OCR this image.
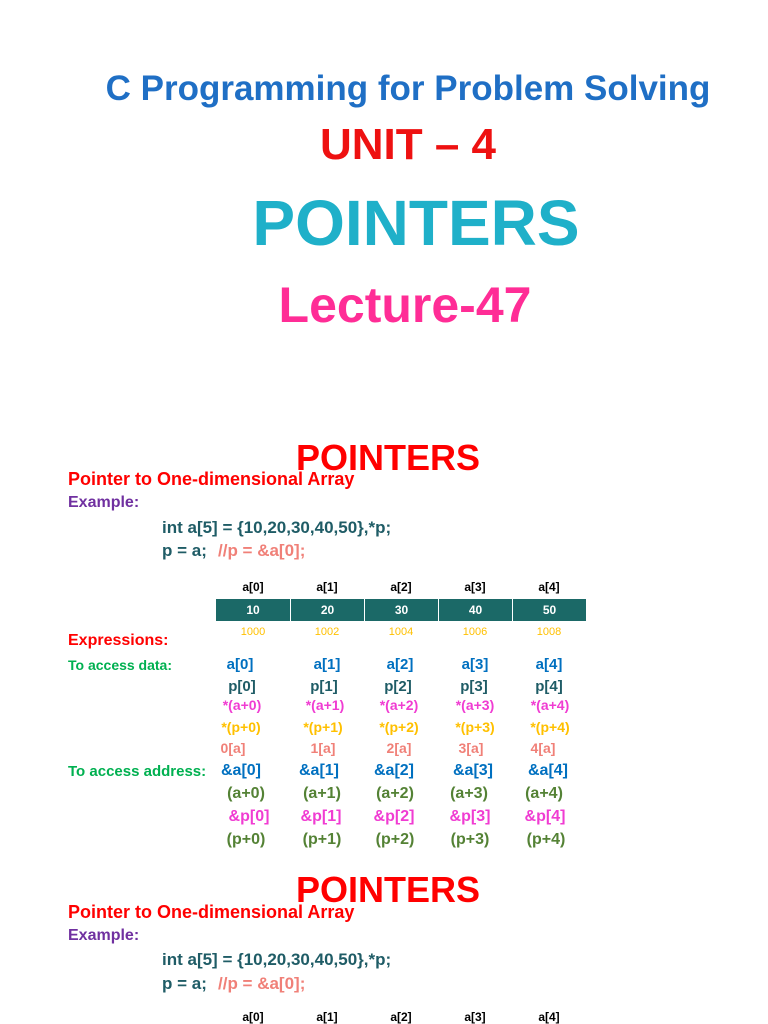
C Programming for Problem Solving
UNIT – 4
POINTERS
Lecture-47
POINTERS
Pointer to One-dimensional Array
Example:
int a[5] = {10,20,30,40,50},*p;
p = a; //p = &a[0];
a[0]	a[1]	a[2]	a[3]	a[4]
10	20	30	40	50
1000	1002	1004	1006	1008
Expressions:
To access data:	a[0]	a[1]	a[2]	a[3]	a[4]
p[0]	p[1]	p[2]	p[3]	p[4]
*(a+0)	*(a+1)	*(a+2)	*(a+3)	*(a+4)
*(p+0)	*(p+1)	*(p+2)	*(p+3)	*(p+4)
0[a]	1[a]	2[a]	3[a]	4[a]
To access address: &a[0] &a[1] &a[2] &a[3] &a[4]
(a+0) (a+1) (a+2) (a+3) (a+4)
&p[0] &p[1] &p[2] &p[3] &p[4]
(p+0) (p+1) (p+2) (p+3) (p+4)
POINTERS
Pointer to One-dimensional Array
Example:
int a[5] = {10,20,30,40,50},*p;
p = a; //p = &a[0];
a[0]	a[1]	a[2]	a[3]	a[4]
